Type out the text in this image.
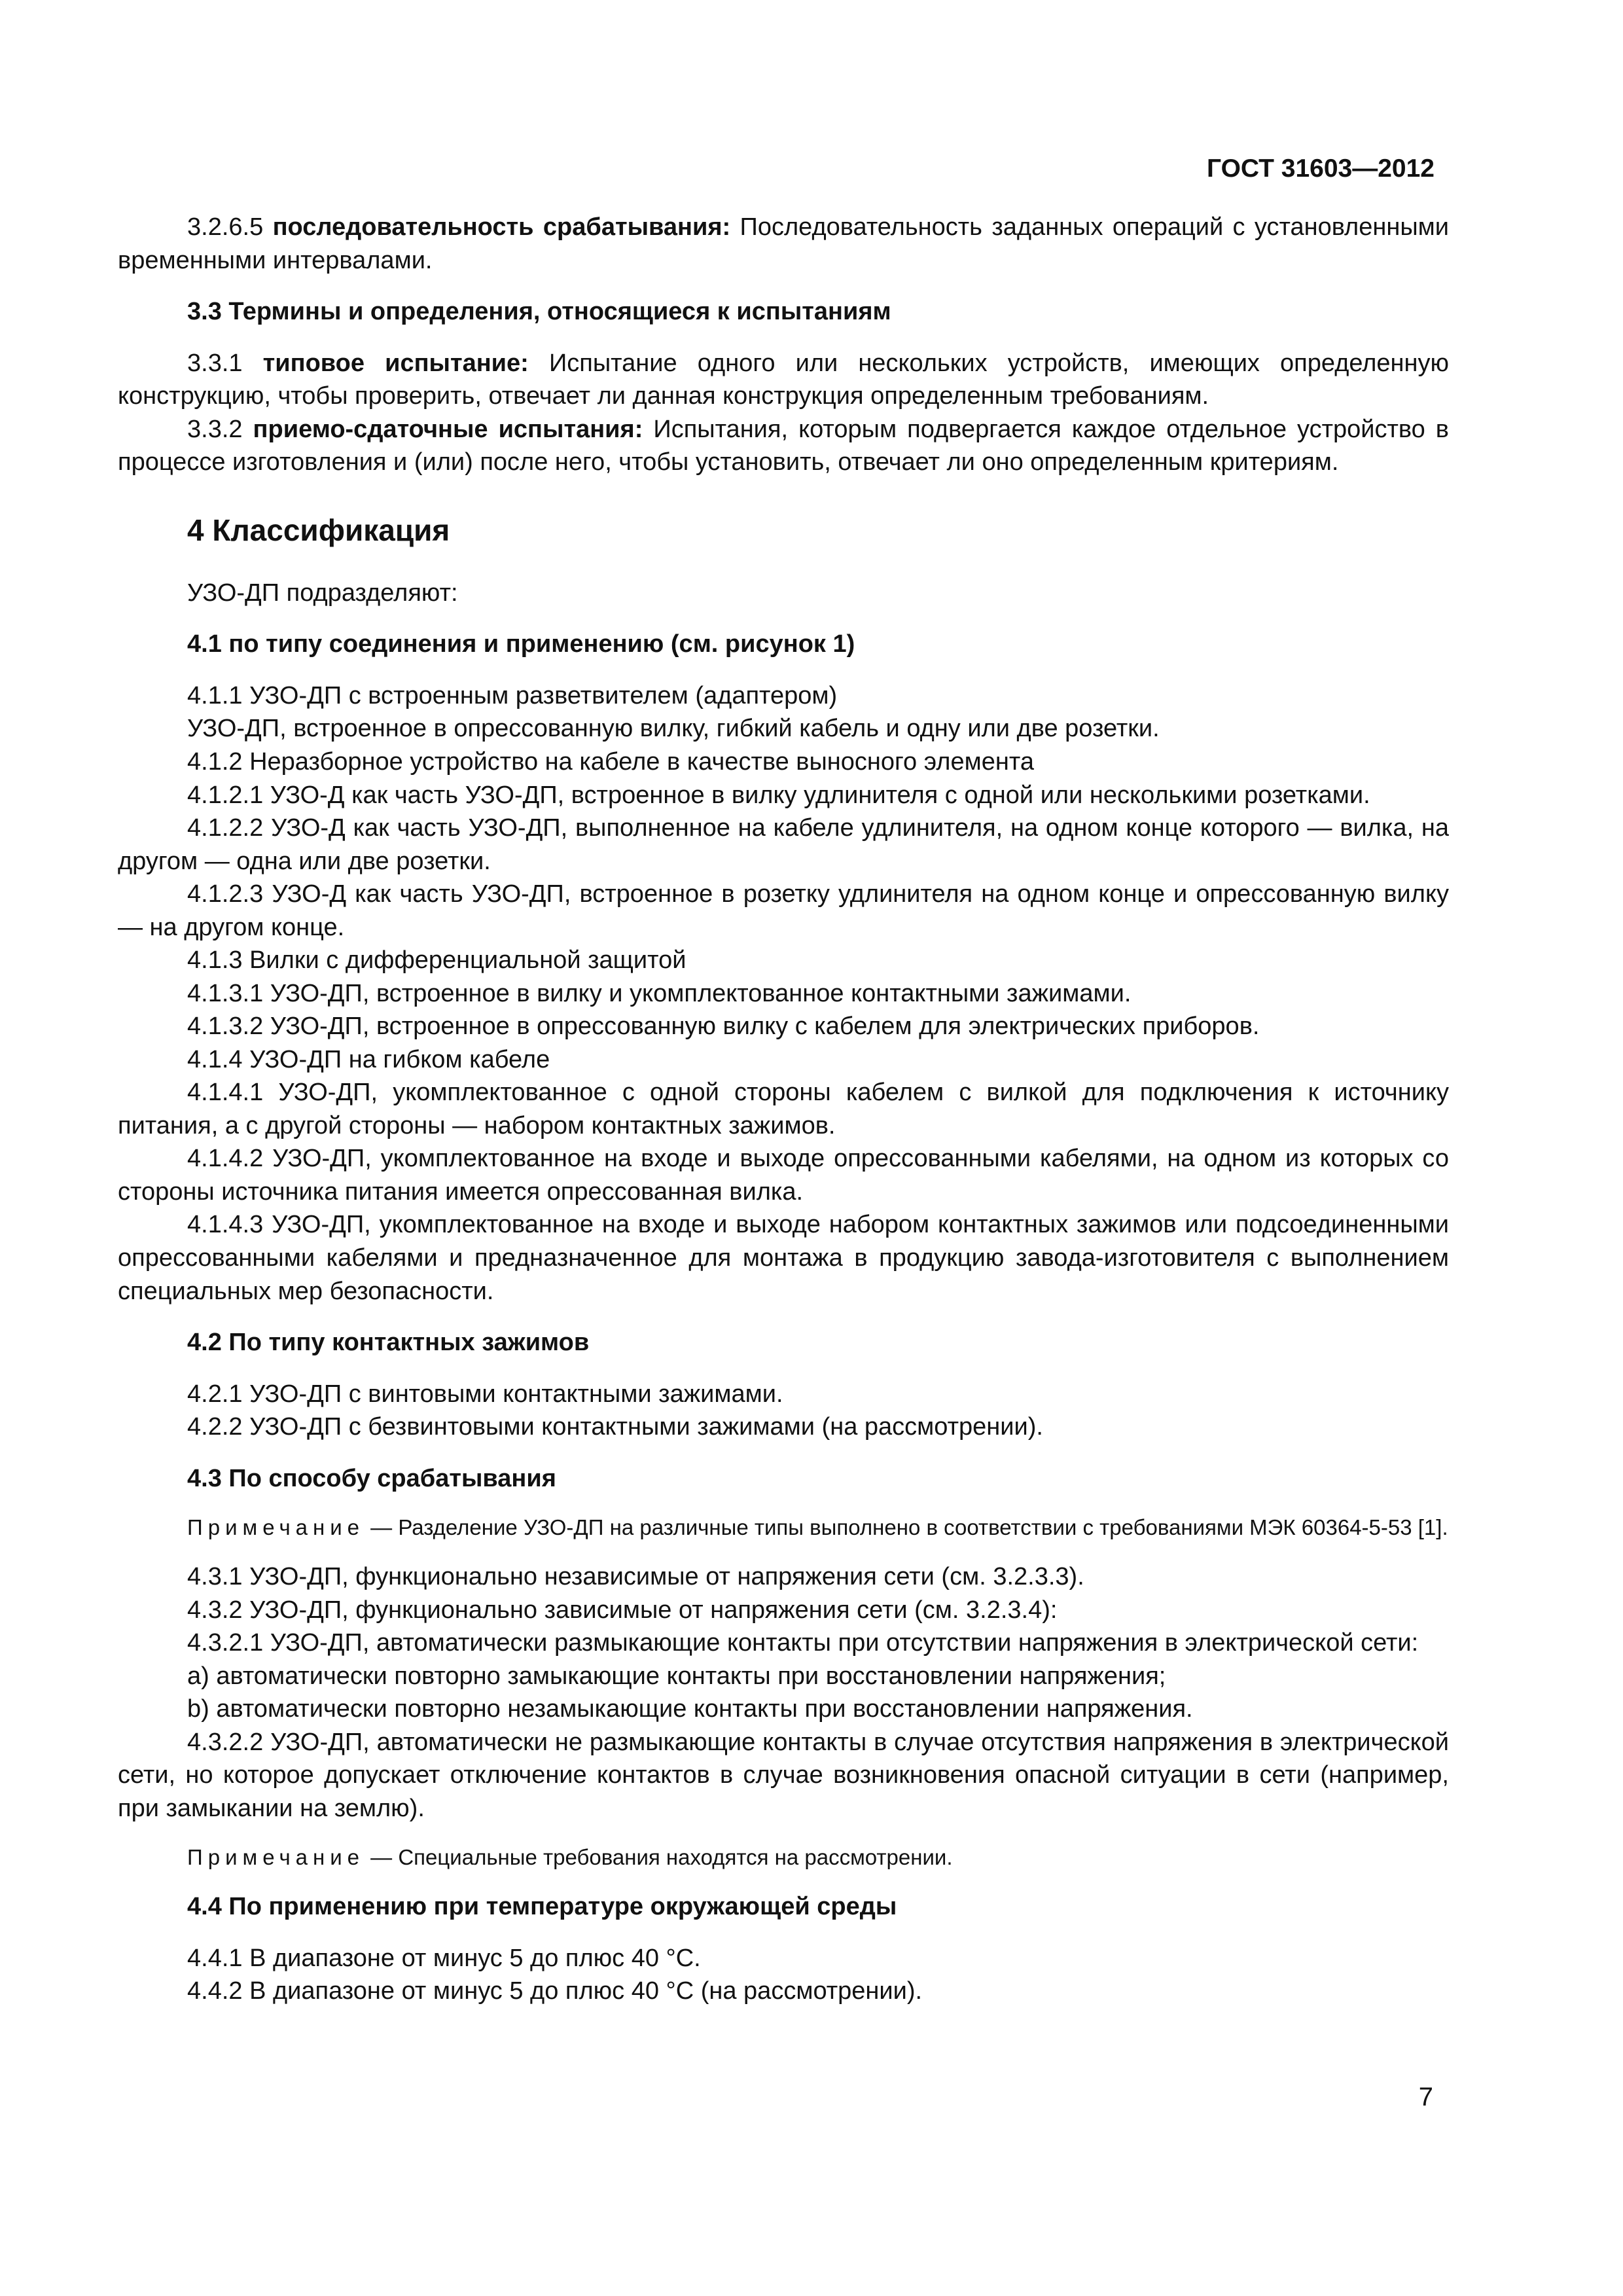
ГОСТ 31603—2012

3.2.6.5 последовательность срабатывания: Последовательность заданных операций с установленными временными интервалами.

3.3 Термины и определения, относящиеся к испытаниям

3.3.1 типовое испытание: Испытание одного или нескольких устройств, имеющих определенную конструкцию, чтобы проверить, отвечает ли данная конструкция определенным требованиям.

3.3.2 приемо-сдаточные испытания: Испытания, которым подвергается каждое отдельное устройство в процессе изготовления и (или) после него, чтобы установить, отвечает ли оно определенным критериям.

4 Классификация

УЗО-ДП подразделяют:

4.1 по типу соединения и применению (см. рисунок 1)

4.1.1 УЗО-ДП с встроенным разветвителем (адаптером)

УЗО-ДП, встроенное в опрессованную вилку, гибкий кабель и одну или две розетки.

4.1.2 Неразборное устройство на кабеле в качестве выносного элемента

4.1.2.1 УЗО-Д как часть УЗО-ДП, встроенное в вилку удлинителя с одной или несколькими розетками.

4.1.2.2 УЗО-Д как часть УЗО-ДП, выполненное на кабеле удлинителя, на одном конце которого — вилка, на другом — одна или две розетки.

4.1.2.3 УЗО-Д как часть УЗО-ДП, встроенное в розетку удлинителя на одном конце и опрессованную вилку — на другом конце.

4.1.3 Вилки с дифференциальной защитой

4.1.3.1 УЗО-ДП, встроенное в вилку и укомплектованное контактными зажимами.

4.1.3.2 УЗО-ДП, встроенное в опрессованную вилку с кабелем для электрических приборов.

4.1.4 УЗО-ДП на гибком кабеле

4.1.4.1 УЗО-ДП, укомплектованное с одной стороны кабелем с вилкой для подключения к источнику питания, а с другой стороны — набором контактных зажимов.

4.1.4.2 УЗО-ДП, укомплектованное на входе и выходе опрессованными кабелями, на одном из которых со стороны источника питания имеется опрессованная вилка.

4.1.4.3 УЗО-ДП, укомплектованное на входе и выходе набором контактных зажимов или подсоединенными опрессованными кабелями и предназначенное для монтажа в продукцию завода-изготовителя с выполнением специальных мер безопасности.

4.2 По типу контактных зажимов

4.2.1 УЗО-ДП с винтовыми контактными зажимами.

4.2.2 УЗО-ДП с безвинтовыми контактными зажимами (на рассмотрении).

4.3 По способу срабатывания

Примечание — Разделение УЗО-ДП на различные типы выполнено в соответствии с требованиями МЭК 60364-5-53 [1].

4.3.1 УЗО-ДП, функционально независимые от напряжения сети (см. 3.2.3.3).

4.3.2 УЗО-ДП, функционально зависимые от напряжения сети (см. 3.2.3.4):

4.3.2.1 УЗО-ДП, автоматически размыкающие контакты при отсутствии напряжения в электрической сети:

a) автоматически повторно замыкающие контакты при восстановлении напряжения;

b) автоматически повторно незамыкающие контакты при восстановлении напряжения.

4.3.2.2 УЗО-ДП, автоматически не размыкающие контакты в случае отсутствия напряжения в электрической сети, но которое допускает отключение контактов в случае возникновения опасной ситуации в сети (например, при замыкании на землю).

Примечание — Специальные требования находятся на рассмотрении.

4.4 По применению при температуре окружающей среды

4.4.1 В диапазоне от минус 5 до плюс 40 °С.

4.4.2 В диапазоне от минус 5 до плюс 40 °С (на рассмотрении).

7
